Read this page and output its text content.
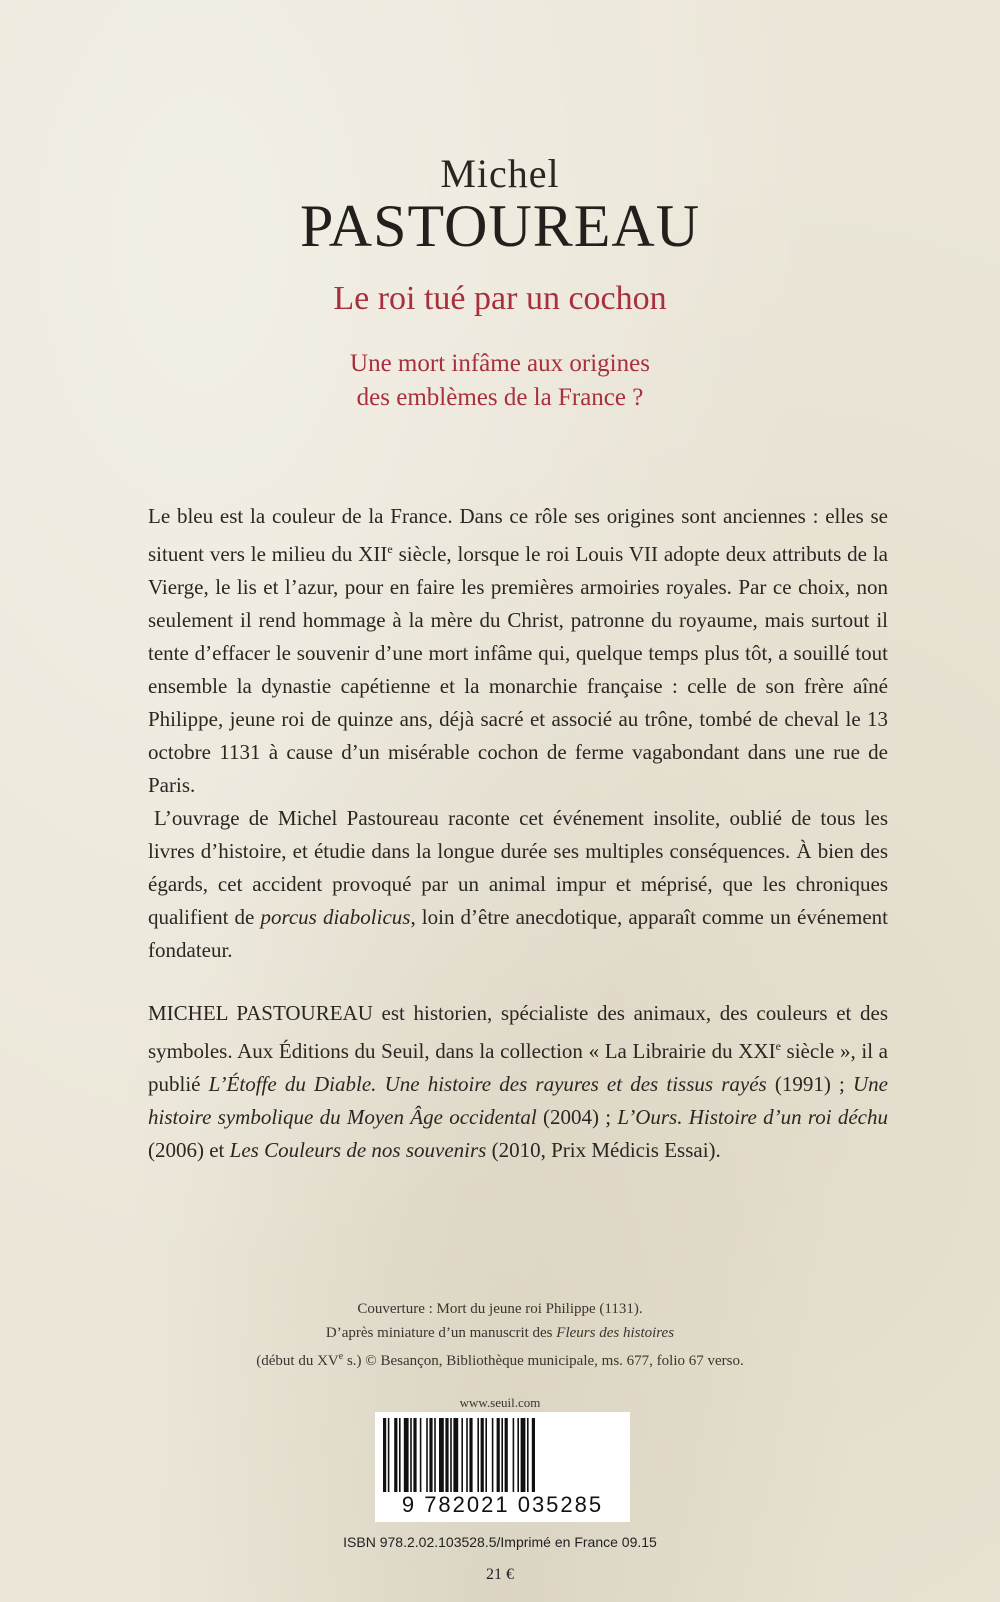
Michel
PASTOUREAU
Le roi tué par un cochon
Une mort infâme aux origines
des emblèmes de la France ?

Le bleu est la couleur de la France. Dans ce rôle ses origines sont anciennes : elles se situent vers le milieu du XIIe siècle, lorsque le roi Louis VII adopte deux attributs de la Vierge, le lis et l’azur, pour en faire les premières armoiries royales. Par ce choix, non seulement il rend hommage à la mère du Christ, patronne du royaume, mais surtout il tente d’effacer le souvenir d’une mort infâme qui, quelque temps plus tôt, a souillé tout ensemble la dynastie capétienne et la monarchie française : celle de son frère aîné Philippe, jeune roi de quinze ans, déjà sacré et associé au trône, tombé de cheval le 13 octobre 1131 à cause d’un misérable cochon de ferme vagabondant dans une rue de Paris.

L’ouvrage de Michel Pastoureau raconte cet événement insolite, oublié de tous les livres d’histoire, et étudie dans la longue durée ses multiples conséquences. À bien des égards, cet accident provoqué par un animal impur et méprisé, que les chroniques qualifient de porcus diabolicus, loin d’être anecdotique, apparaît comme un événement fondateur.

MICHEL PASTOUREAU est historien, spécialiste des animaux, des couleurs et des symboles. Aux Éditions du Seuil, dans la collection « La Librairie du XXIe siècle », il a publié L’Étoffe du Diable. Une histoire des rayures et des tissus rayés (1991) ; Une histoire symbolique du Moyen Âge occidental (2004) ; L’Ours. Histoire d’un roi déchu (2006) et Les Couleurs de nos souvenirs (2010, Prix Médicis Essai).

Couverture : Mort du jeune roi Philippe (1131).
D’après miniature d’un manuscrit des Fleurs des histoires
(début du XVe s.) © Besançon, Bibliothèque municipale, ms. 677, folio 67 verso.
www.seuil.com
9 782021 035285
ISBN 978.2.02.103528.5/Imprimé en France 09.15
21 €
